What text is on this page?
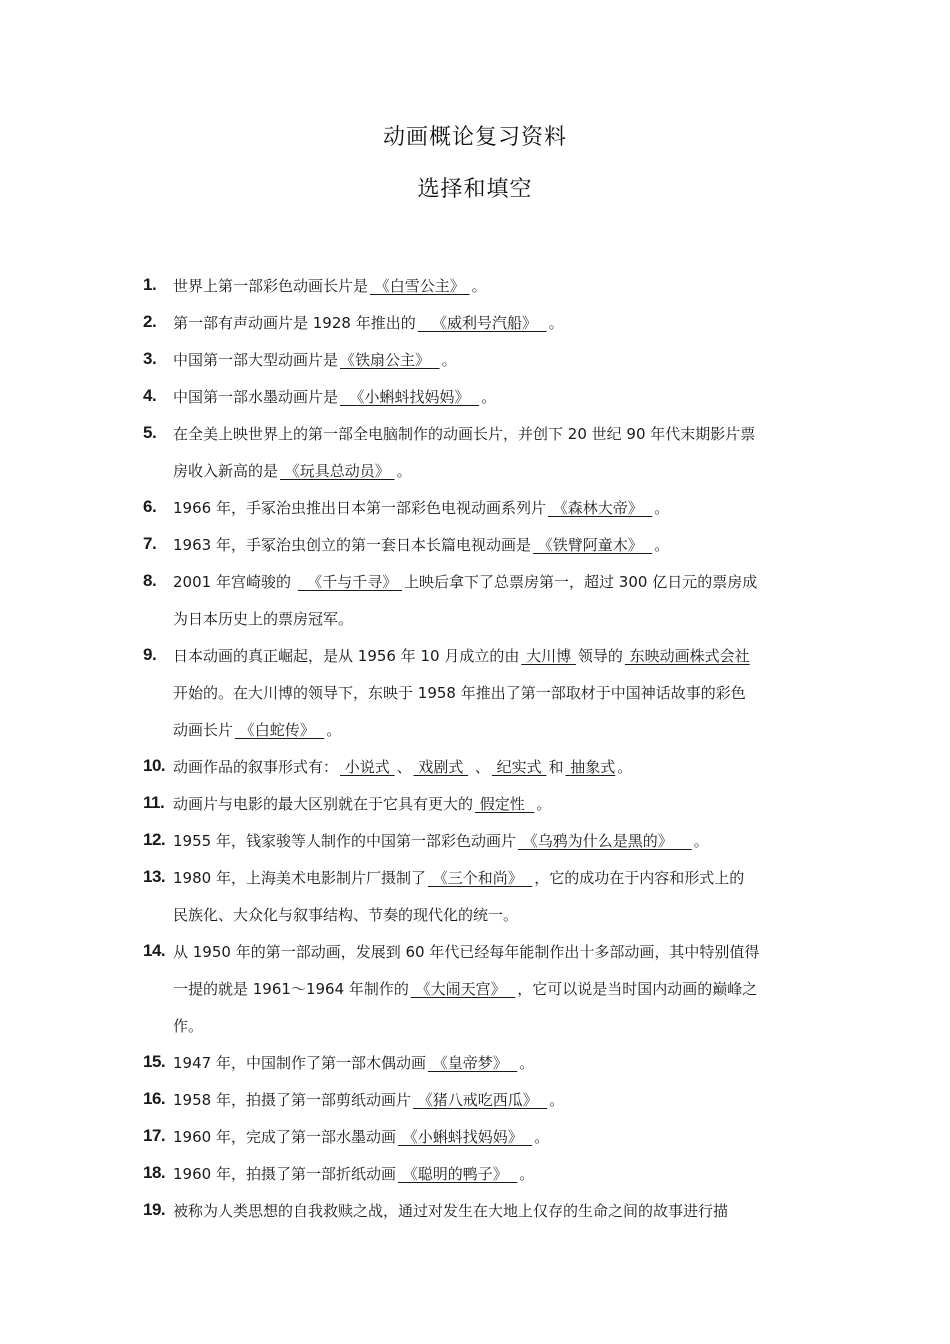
动画概论复习资料
选择和填空
1. 世界上第一部彩色动画长片是 《白雪公主》 。
2. 第一部有声动画片是 1928 年推出的   《威利号汽船》  。
3. 中国第一部大型动画片是 《铁扇公主》  。
4. 中国第一部水墨动画片是  《小蝌蚪找妈妈》  。
5. 在全美上映世界上的第一部全电脑制作的动画长片，并创下 20 世纪 90 年代末期影片票
房收入新高的是 《玩具总动员》 。
6. 1966 年，手冢治虫推出日本第一部彩色电视动画系列片 《森林大帝》  。
7. 1963 年，手冢治虫创立的第一套日本长篇电视动画是 《铁臂阿童木》  。
8. 2001 年宫崎骏的   《千与千寻》 上映后拿下了总票房第一，超过 300 亿日元的票房成
为日本历史上的票房冠军。
9. 日本动画的真正崛起，是从 1956 年 10 月成立的由 大川博 领导的 东映动画株式会社
开始的。在大川博的领导下，东映于 1958 年推出了第一部取材于中国神话故事的彩色
动画长片 《白蛇传》  。
10. 动画作品的叙事形式有： 小说式 、 戏剧式  、 纪实式 和 抽象式 。
11. 动画片与电影的最大区别就在于它具有更大的 假定性  。
12. 1955 年，钱家骏等人制作的中国第一部彩色动画片 《乌鸦为什么是黑的》    。
13. 1980 年，上海美术电影制片厂摄制了 《三个和尚》  ，它的成功在于内容和形式上的
民族化、大众化与叙事结构、节奏的现代化的统一。
14. 从 1950 年的第一部动画，发展到 60 年代已经每年能制作出十多部动画，其中特别值得
一提的就是 1961～1964 年制作的 《大闹天宫》  ，它可以说是当时国内动画的巅峰之
作。
15. 1947 年，中国制作了第一部木偶动画 《皇帝梦》  。
16. 1958 年，拍摄了第一部剪纸动画片 《猪八戒吃西瓜》  。
17. 1960 年，完成了第一部水墨动画 《小蝌蚪找妈妈》  。
18. 1960 年，拍摄了第一部折纸动画 《聪明的鸭子》  。
19. 被称为人类思想的自我救赎之战，通过对发生在大地上仅存的生命之间的故事进行描
